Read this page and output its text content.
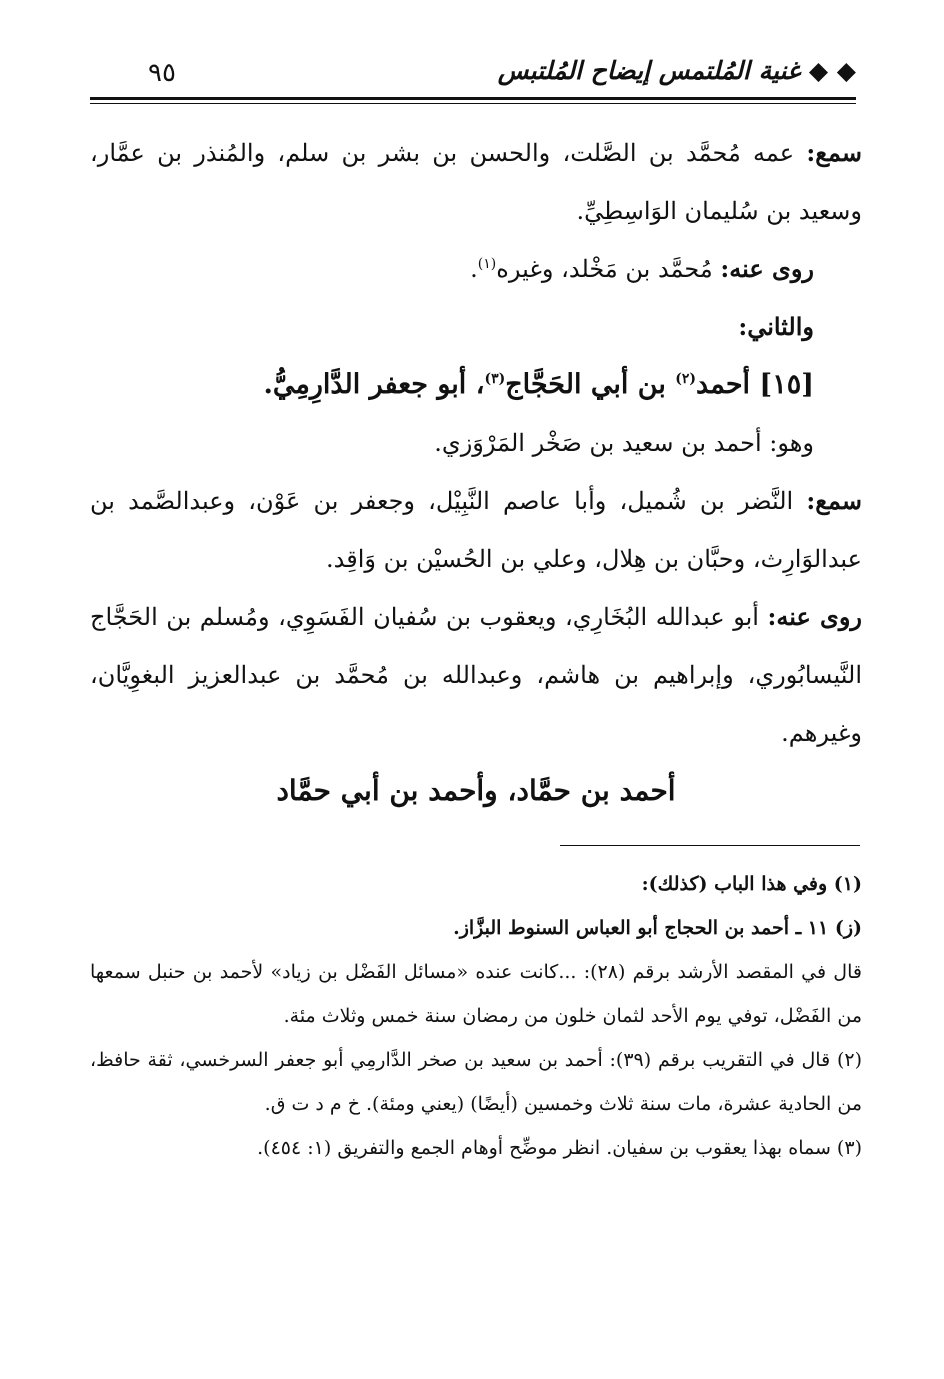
٩٥	◆ ◆ غنية المُلتمس إيضاح المُلتبس

سمع: عمه مُحمَّد بن الصَّلت، والحسن بن بشر بن سلم، والمُنذر بن عمَّار، وسعيد بن سُليمان الوَاسِطِيِّ.

روى عنه: مُحمَّد بن مَخْلد، وغيره$^{(١)}$.

والثاني:

[١٥] أحمد$^{(٢)}$ بن أبي الحَجَّاج$^{(٣)}$، أبو جعفر الدَّارِمِيُّ.

وهو: أحمد بن سعيد بن صَخْر المَرْوَزي.

سمع: النَّضر بن شُميل، وأبا عاصم النَّبِيْل، وجعفر بن عَوْن، وعبدالصَّمد بن عبدالوَارِث، وحبَّان بن هِلال، وعلي بن الحُسيْن بن وَاقِد.

روى عنه: أبو عبدالله البُخَارِي، ويعقوب بن سُفيان الفَسَوِي، ومُسلم بن الحَجَّاج النَّيسابُوري، وإبراهيم بن هاشم، وعبدالله بن مُحمَّد بن عبدالعزيز البغوِيَّان، وغيرهم.

أحمد بن حمَّاد، وأحمد بن أبي حمَّاد

(١) وفي هذا الباب (كذلك):

(ز) ١١ ـ أحمد بن الحجاج أبو العباس السنوط البزَّاز.

قال في المقصد الأرشد برقم (٢٨): ...كانت عنده «مسائل الفَضْل بن زياد» لأحمد بن حنبل سمعها من الفَضْل، توفي يوم الأحد لثمان خلون من رمضان سنة خمس وثلاث مئة.

(٢) قال في التقريب برقم (٣٩): أحمد بن سعيد بن صخر الدَّارمِي أبو جعفر السرخسي، ثقة حافظ، من الحادية عشرة، مات سنة ثلاث وخمسين (أيضًا) (يعني ومئة). خ م د ت ق.

(٣) سماه بهذا يعقوب بن سفيان. انظر موضِّح أوهام الجمع والتفريق (١: ٤٥٤).
